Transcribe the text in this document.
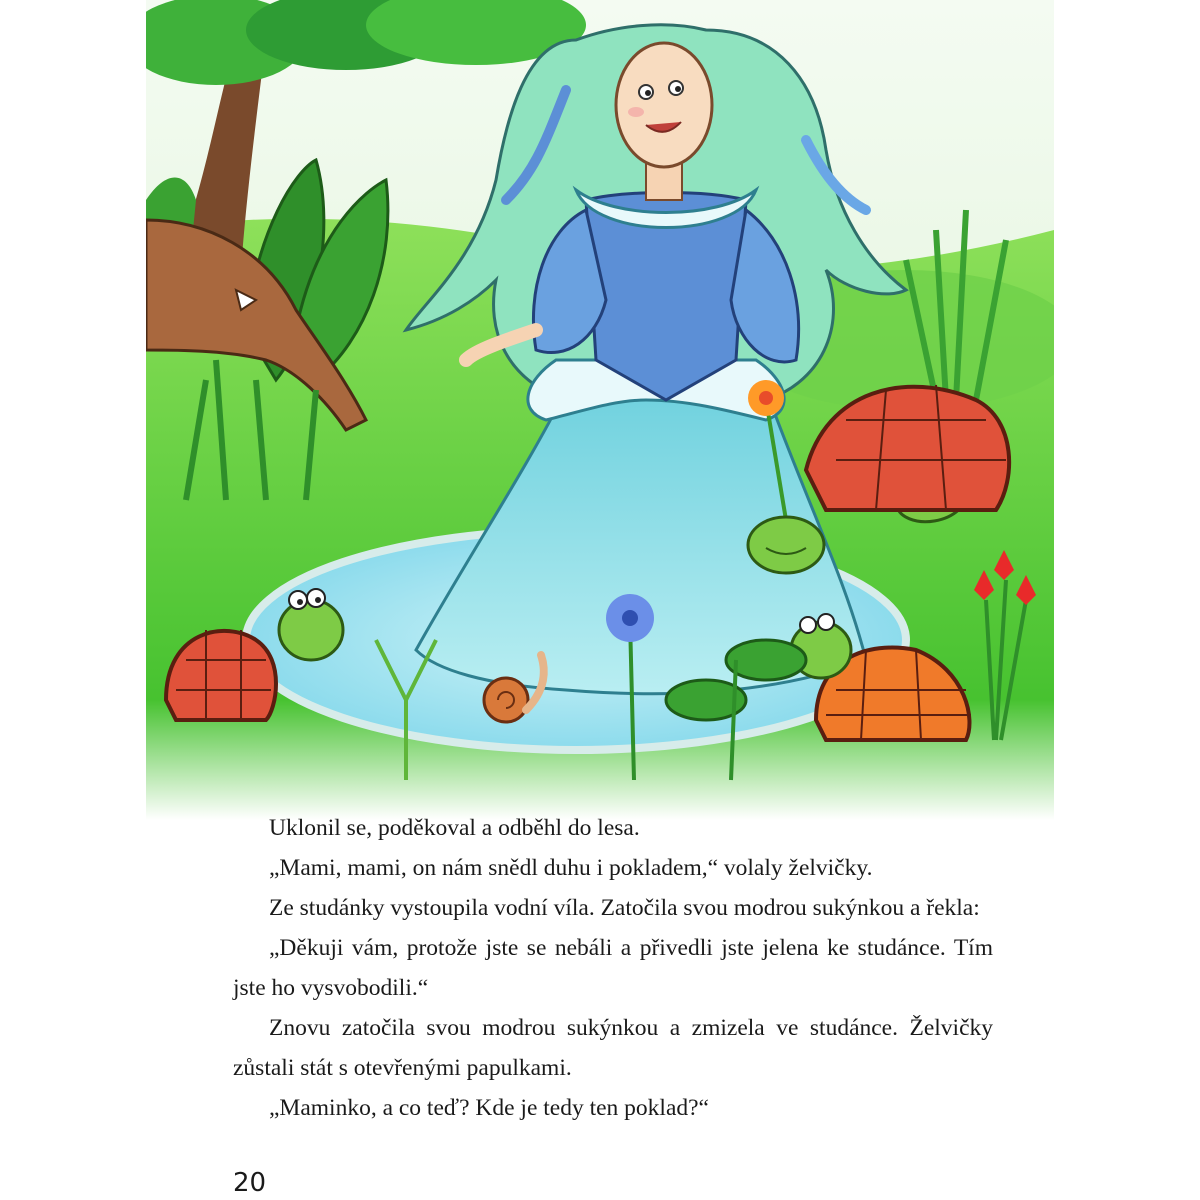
Uklonil se, poděkoval a odběhl do lesa.

„Mami, mami, on nám snědl duhu i pokladem,“ volaly želvičky.

Ze studánky vystoupila vodní víla. Zatočila svou modrou sukýnkou a řekla:

„Děkuji vám, protože jste se nebáli a přivedli jste jelena ke studánce. Tím jste ho vysvobodili.“

Znovu zatočila svou modrou sukýnkou a zmizela ve studánce. Želvičky zůstali stát s otevřenými papulkami.

„Maminko, a co teď? Kde je tedy ten poklad?“

20
